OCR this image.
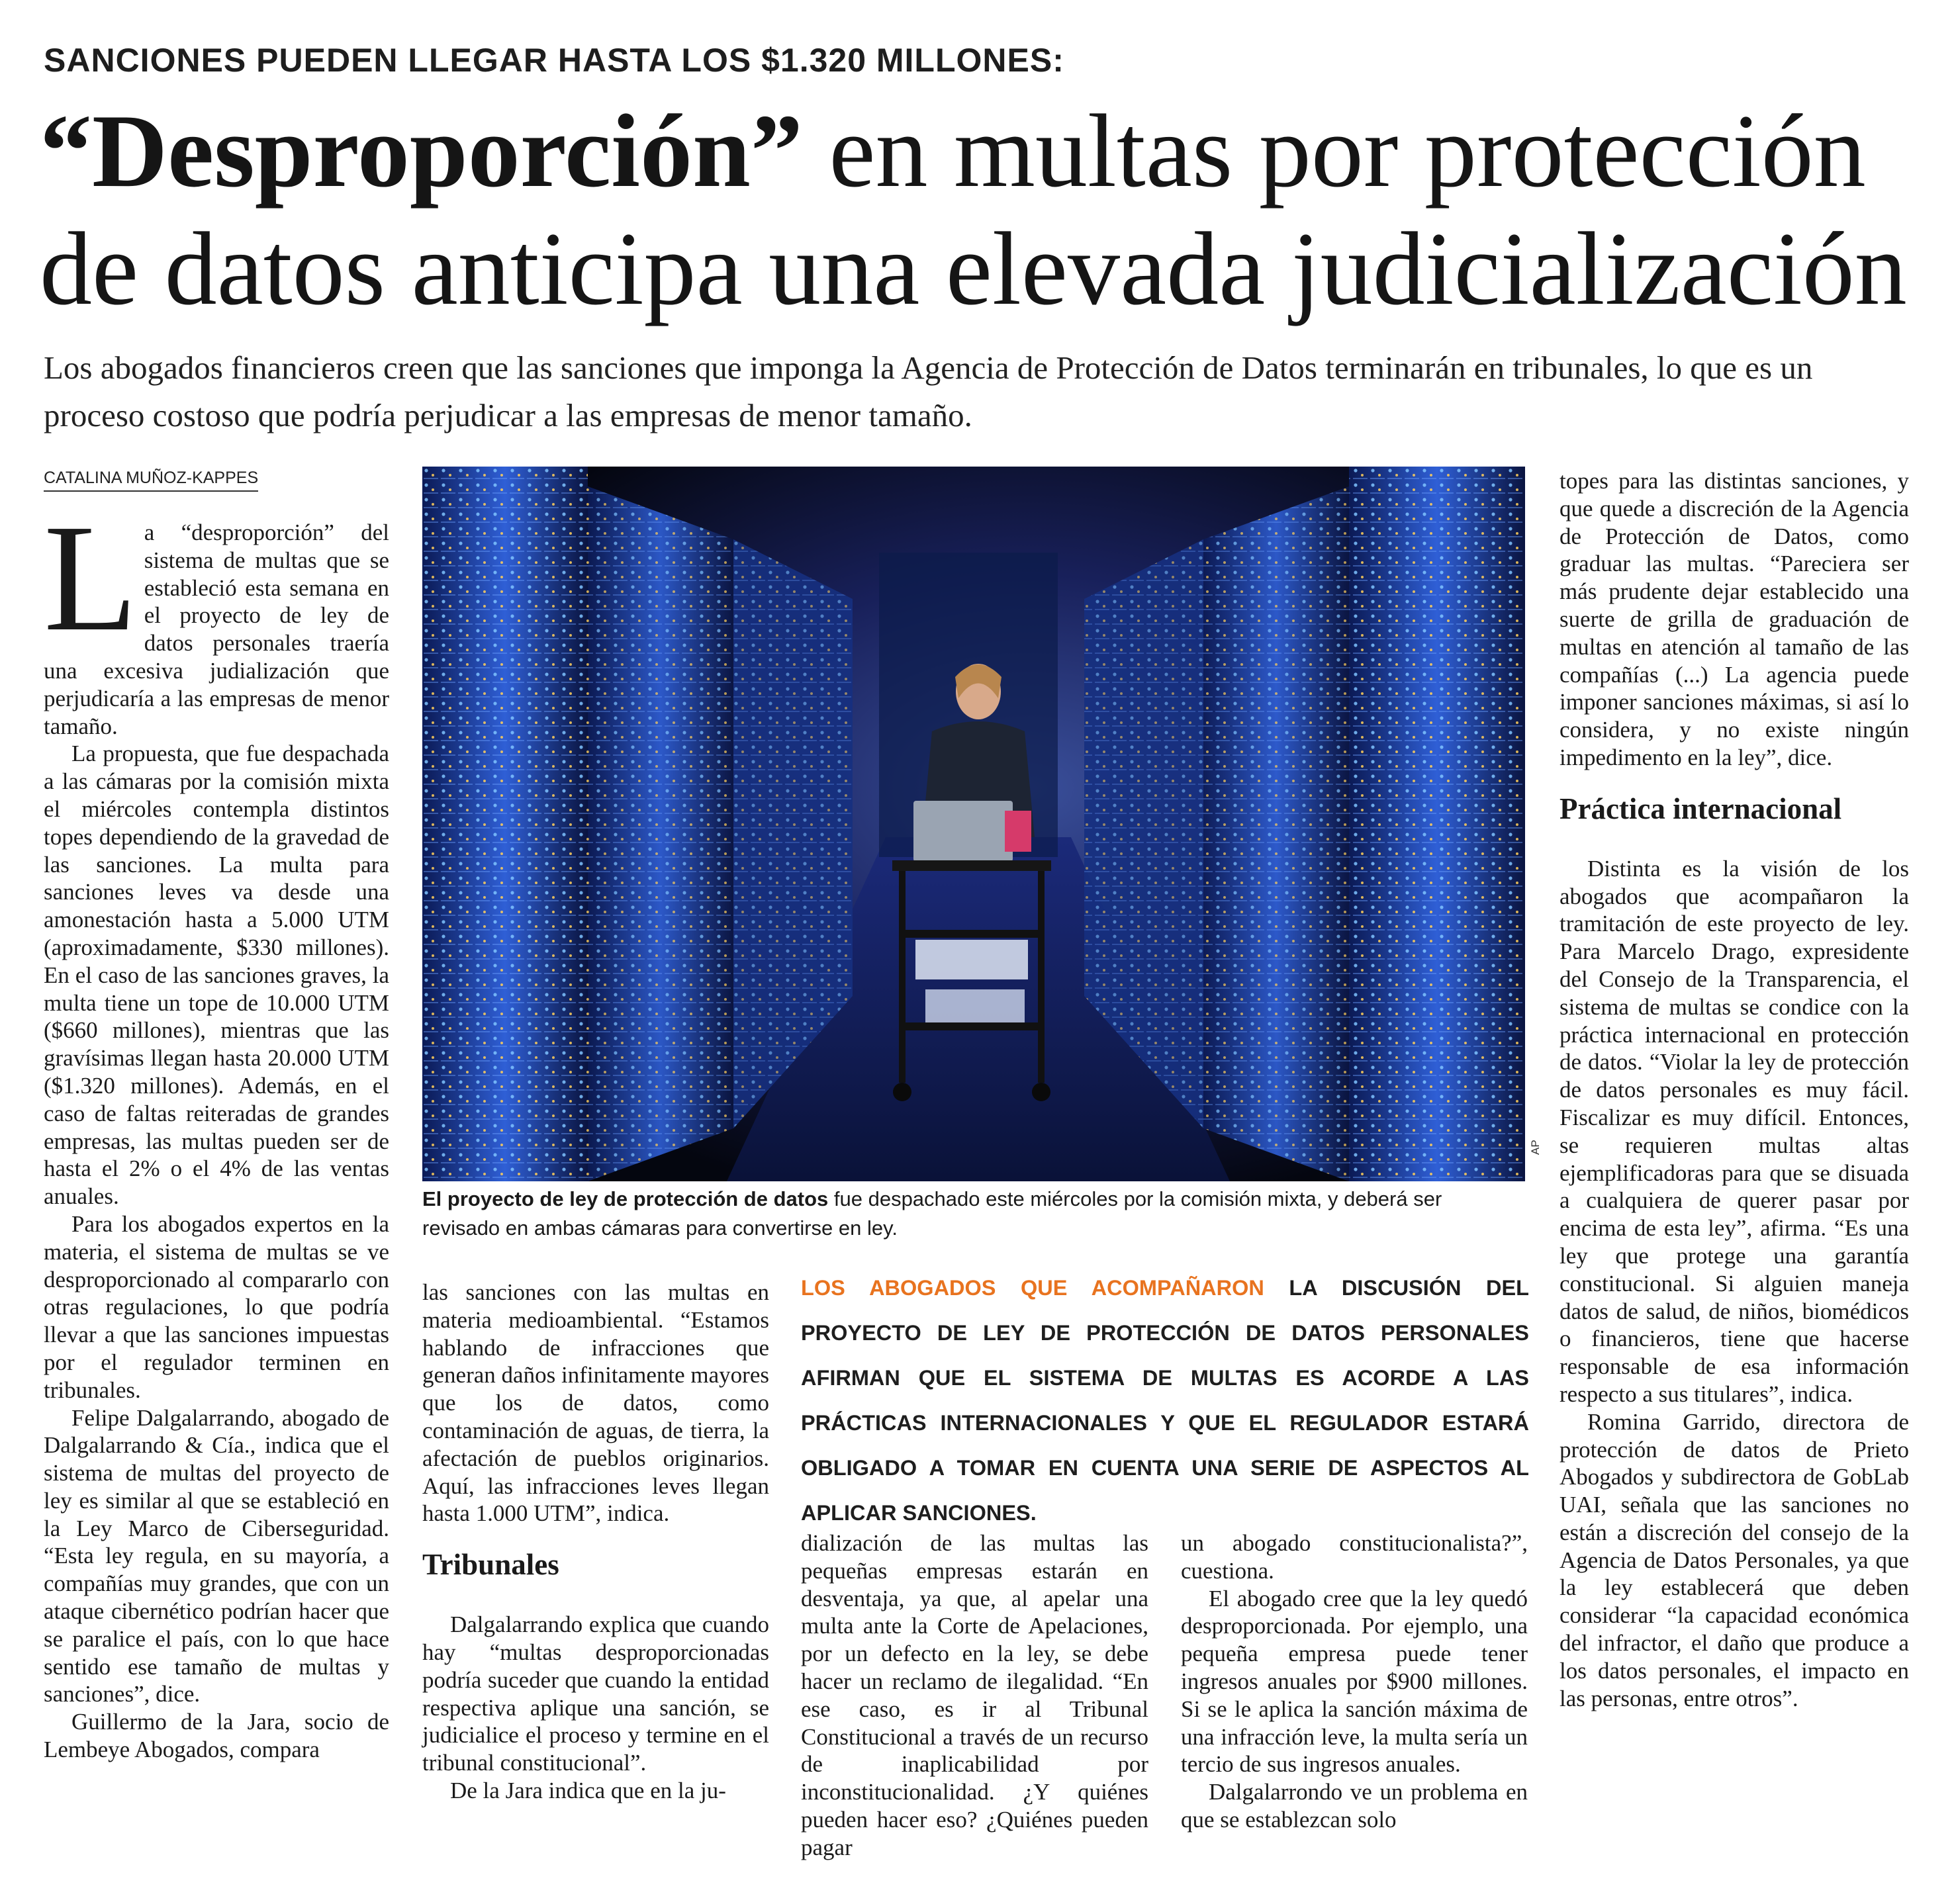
SANCIONES PUEDEN LLEGAR HASTA LOS $1.320 MILLONES:
“Desproporción” en multas por protección
de datos anticipa una elevada judicialización
Los abogados financieros creen que las sanciones que imponga la Agencia de Protección de Datos terminarán en tribunales, lo que es un proceso costoso que podría perjudicar a las empresas de menor tamaño.
CATALINA MUÑOZ-KAPPES
L a “desproporción” del sistema de multas que se estableció esta semana en el proyecto de ley de datos personales traería una excesiva judialización que perjudicaría a las empresas de menor tamaño.

La propuesta, que fue despachada a las cámaras por la comisión mixta el miércoles contempla distintos topes dependiendo de la gravedad de las sanciones. La multa para sanciones leves va desde una amonestación hasta a 5.000 UTM (aproximadamente, $330 millones). En el caso de las sanciones graves, la multa tiene un tope de 10.000 UTM ($660 millones), mientras que las gravísimas llegan hasta 20.000 UTM ($1.320 millones). Además, en el caso de faltas reiteradas de grandes empresas, las multas pueden ser de hasta el 2% o el 4% de las ventas anuales.

Para los abogados expertos en la materia, el sistema de multas se ve desproporcionado al compararlo con otras regulaciones, lo que podría llevar a que las sanciones impuestas por el regulador terminen en tribunales.

Felipe Dalgalarrando, abogado de Dalgalarrando & Cía., indica que el sistema de multas del proyecto de ley es similar al que se estableció en la Ley Marco de Ciberseguridad. “Esta ley regula, en su mayoría, a compañías muy grandes, que con un ataque cibernético podrían hacer que se paralice el país, con lo que hace sentido ese tamaño de multas y sanciones”, dice.

Guillermo de la Jara, socio de Lembeye Abogados, compara

AP
El proyecto de ley de protección de datos fue despachado este miércoles por la comisión mixta, y deberá ser revisado en ambas cámaras para convertirse en ley.

las sanciones con las multas en materia medioambiental. “Estamos hablando de infracciones que generan daños infinitamente mayores que los de datos, como contaminación de aguas, de tierra, la afectación de pueblos originarios. Aquí, las infracciones leves llegan hasta 1.000 UTM”, indica.

Tribunales

Dalgalarrando explica que cuando hay “multas desproporcionadas podría suceder que cuando la entidad respectiva aplique una sanción, se judicialice el proceso y termine en el tribunal constitucional”.

De la Jara indica que en la ju-

LOS ABOGADOS QUE ACOMPAÑARON LA DISCUSIÓN DEL PROYECTO DE LEY DE PROTECCIÓN DE DATOS PERSONALES AFIRMAN QUE EL SISTEMA DE MULTAS ES ACORDE A LAS PRÁCTICAS INTERNACIONALES Y QUE EL REGULADOR ESTARÁ OBLIGADO A TOMAR EN CUENTA UNA SERIE DE ASPECTOS AL APLICAR SANCIONES.

dialización de las multas las pequeñas empresas estarán en desventaja, ya que, al apelar una multa ante la Corte de Apelaciones, por un defecto en la ley, se debe hacer un reclamo de ilegalidad. “En ese caso, es ir al Tribunal Constitucional a través de un recurso de inaplicabilidad por inconstitucionalidad. ¿Y quiénes pueden hacer eso? ¿Quiénes pueden pagar

un abogado constitucionalista?”, cuestiona.

El abogado cree que la ley quedó desproporcionada. Por ejemplo, una pequeña empresa puede tener ingresos anuales por $900 millones. Si se le aplica la sanción máxima de una infracción leve, la multa sería un tercio de sus ingresos anuales.

Dalgalarrondo ve un problema en que se establezcan solo

topes para las distintas sanciones, y que quede a discreción de la Agencia de Protección de Datos, como graduar las multas. “Pareciera ser más prudente dejar establecido una suerte de grilla de graduación de multas en atención al tamaño de las compañías (...) La agencia puede imponer sanciones máximas, si así lo considera, y no existe ningún impedimento en la ley”, dice.

Práctica internacional

Distinta es la visión de los abogados que acompañaron la tramitación de este proyecto de ley. Para Marcelo Drago, expresidente del Consejo de la Transparencia, el sistema de multas se condice con la práctica internacional en protección de datos. “Violar la ley de protección de datos personales es muy fácil. Fiscalizar es muy difícil. Entonces, se requieren multas altas ejemplificadoras para que se disuada a cualquiera de querer pasar por encima de esta ley”, afirma. “Es una ley que protege una garantía constitucional. Si alguien maneja datos de salud, de niños, biomédicos o financieros, tiene que hacerse responsable de esa información respecto a sus titulares”, indica.

Romina Garrido, directora de protección de datos de Prieto Abogados y subdirectora de GobLab UAI, señala que las sanciones no están a discreción del consejo de la Agencia de Datos Personales, ya que la ley establecerá que deben considerar “la capacidad económica del infractor, el daño que produce a los datos personales, el impacto en las personas, entre otros”.
